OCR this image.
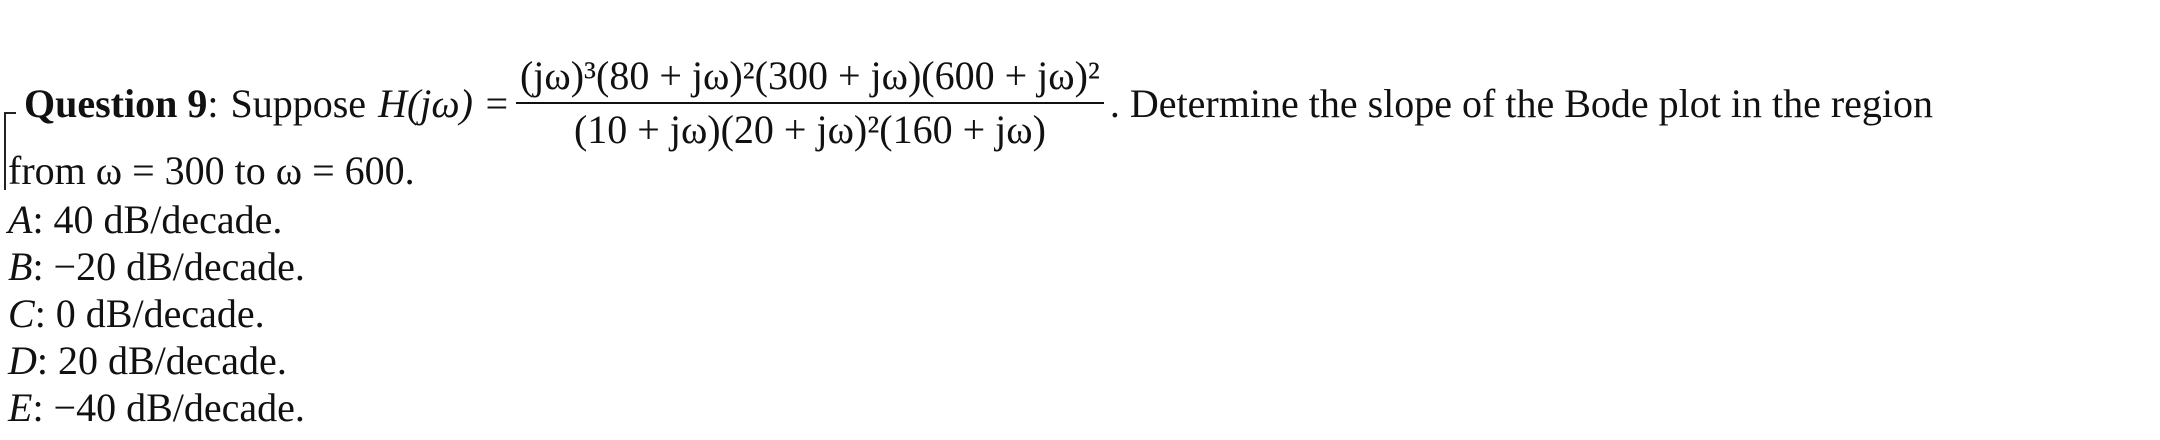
Question 9 : Suppose $H(j\omega) = \frac{\text{(jω)³(80 + jω)²(300 + jω)(600 + jω)²}}{\text{(10 + jω)(20 + jω)²(160 + jω)}}$ . Determine the slope of the Bode plot in the region
from ω = 300 to ω = 600.
A: 40 dB/decade.
B: −20 dB/decade.
C: 0 dB/decade.
D: 20 dB/decade.
E: −40 dB/decade.
